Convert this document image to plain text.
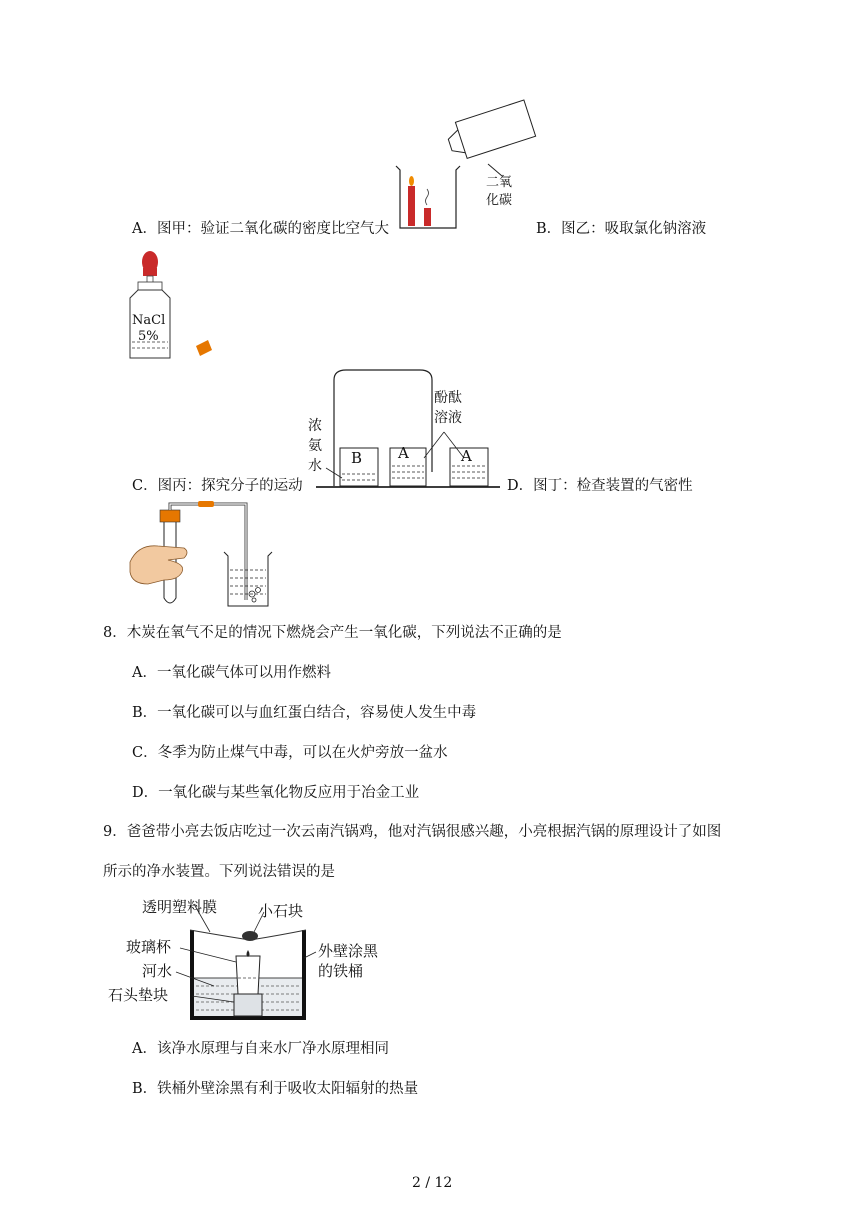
二氧
化碳
A．图甲：验证二氧化碳的密度比空气大	B．图乙：吸取氯化钠溶液
NaCl
5%
B A	A
浓
氨
水
酚酞
溶液
C．图丙：探究分子的运动	D．图丁：检查装置的气密性
8．木炭在氧气不足的情况下燃烧会产生一氧化碳，下列说法不正确的是
A．一氧化碳气体可以用作燃料
B．一氧化碳可以与血红蛋白结合，容易使人发生中毒
C．冬季为防止煤气中毒，可以在火炉旁放一盆水
D．一氧化碳与某些氧化物反应用于冶金工业
9．爸爸带小亮去饭店吃过一次云南汽锅鸡，他对汽锅很感兴趣，小亮根据汽锅的原理设计了如图
所示的净水装置。下列说法错误的是
透明塑料膜	小石块
玻璃杯
河水
石头垫块
外壁涂黑
的铁桶
A．该净水原理与自来水厂净水原理相同
B．铁桶外壁涂黑有利于吸收太阳辐射的热量
2 / 12
